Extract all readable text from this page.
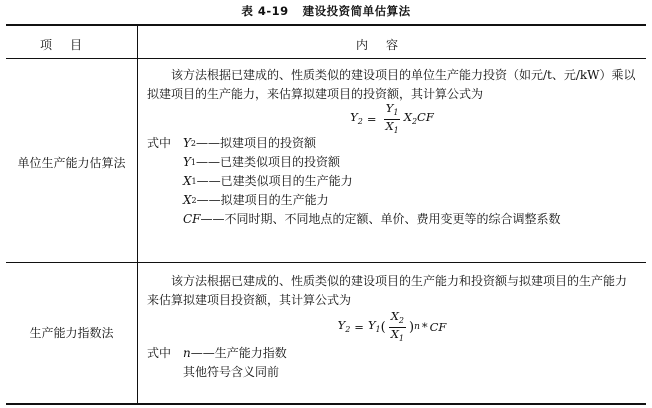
表 4-19 建设投资简单估算法
项目	内容
单位生产能力估算法

该方法根据已建成的、性质类似的建设项目的单位生产能力投资（如元/t、元/kW）乘以拟建项目的生产能力，来估算拟建项目的投资额，其计算公式为

$Y_2 = \frac{Y_1}{X_1} X_2CF$
式中 Y 2 ——拟建项目的投资额
Y 1 ——已建类似项目的投资额
X 1 ——已建类似项目的生产能力
X 2 ——拟建项目的生产能力
CF ——不同时期、不同地点的定额、单价、费用变更等的综合调整系数
生产能力指数法

该方法根据已建成的、性质类似的建设项目的生产能力和投资额与拟建项目的生产能力来估算拟建项目投资额，其计算公式为

$Y_2 = Y_1$ ( $\frac{X_2}{X_1}$ ) n * CF
式中 n ——生产能力指数
其他符号含义同前
